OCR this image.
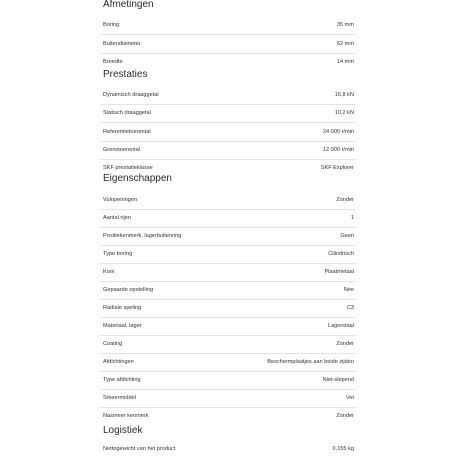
Afmetingen
Boring	35 mm
Buitendiameter	62 mm
Breedte	14 mm
Prestaties
Dynamisch draaggetal	16,8 kN
Statisch draaggetal	10,2 kN
Referentietoerental	24 000 r/min
Grenstoerental	12 000 r/min
SKF prestatieklasse	SKF Explorer
Eigenschappen
Vulopeningen	Zonder
Aantal rijen	1
Positiekenmerk, lagerbuitenring	Geen
Type boring	Cilindrisch
Kooi	Plaatmetaal
Gepaarde opstelling	Nee
Radiale speling	C3
Materiaal, lager	Lagerstaal
Coating	Zonder
Afdichtingen	Beschermplaatjes aan beide zijden
Type afdichting	Niet-slepend
Smeermiddel	Vet
Nasmeer kenmerk	Zonder
Logistiek
Nettogewicht van het product	0,155 kg
